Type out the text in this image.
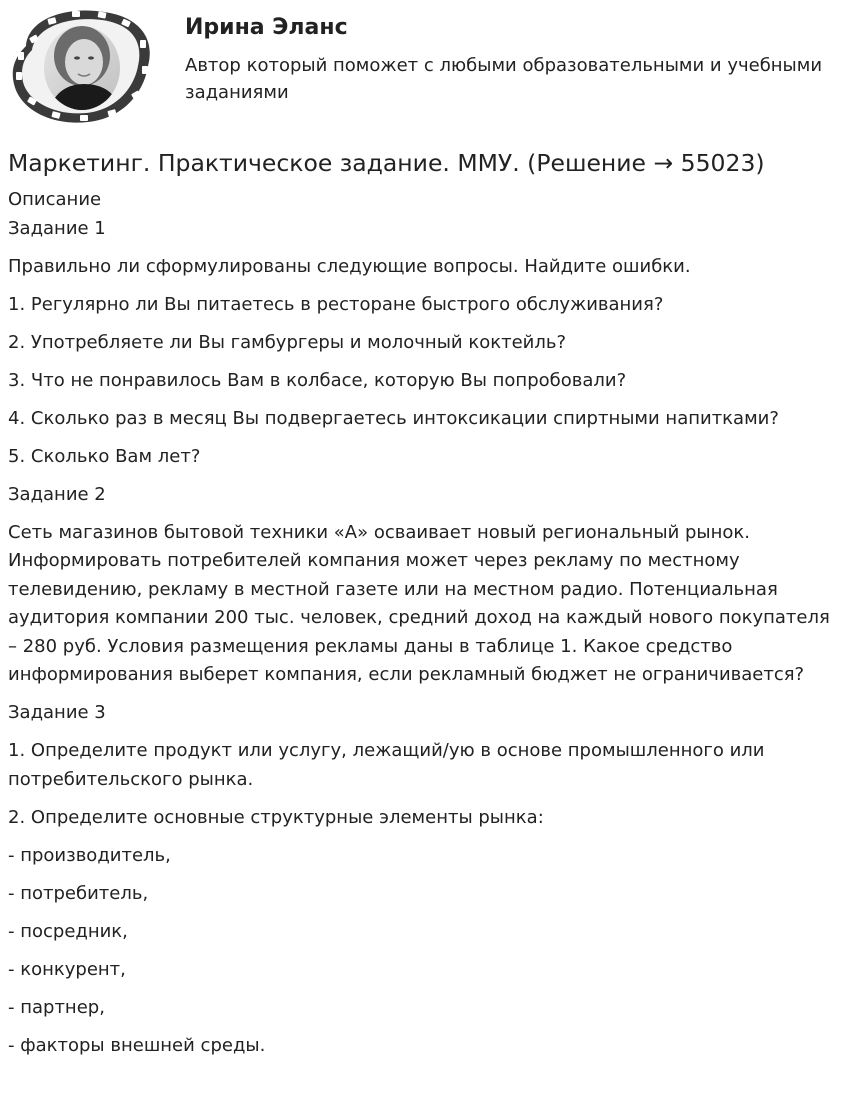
Ирина Эланс
Автор который поможет с любыми образовательными и учебными заданиями
Маркетинг. Практическое задание. ММУ. (Решение → 55023)

Описание

Задание 1

Правильно ли сформулированы следующие вопросы. Найдите ошибки.

1. Регулярно ли Вы питаетесь в ресторане быстрого обслуживания?

2. Употребляете ли Вы гамбургеры и молочный коктейль?

3. Что не понравилось Вам в колбасе, которую Вы попробовали?

4. Сколько раз в месяц Вы подвергаетесь интоксикации спиртными напитками?

5. Сколько Вам лет?

Задание 2

Сеть магазинов бытовой техники «А» осваивает новый региональный рынок. Информировать потребителей компания может через рекламу по местному телевидению, рекламу в местной газете или на местном радио. Потенциальная аудитория компании 200 тыс. человек, средний доход на каждый нового покупателя – 280 руб. Условия размещения рекламы даны в таблице 1. Какое средство информирования выберет компания, если рекламный бюджет не ограничивается?

Задание 3

1. Определите продукт или услугу, лежащий/ую в основе промышленного или потребительского рынка.

2. Определите основные структурные элементы рынка:

- производитель,

- потребитель,

- посредник,

- конкурент,

- партнер,

- факторы внешней среды.
